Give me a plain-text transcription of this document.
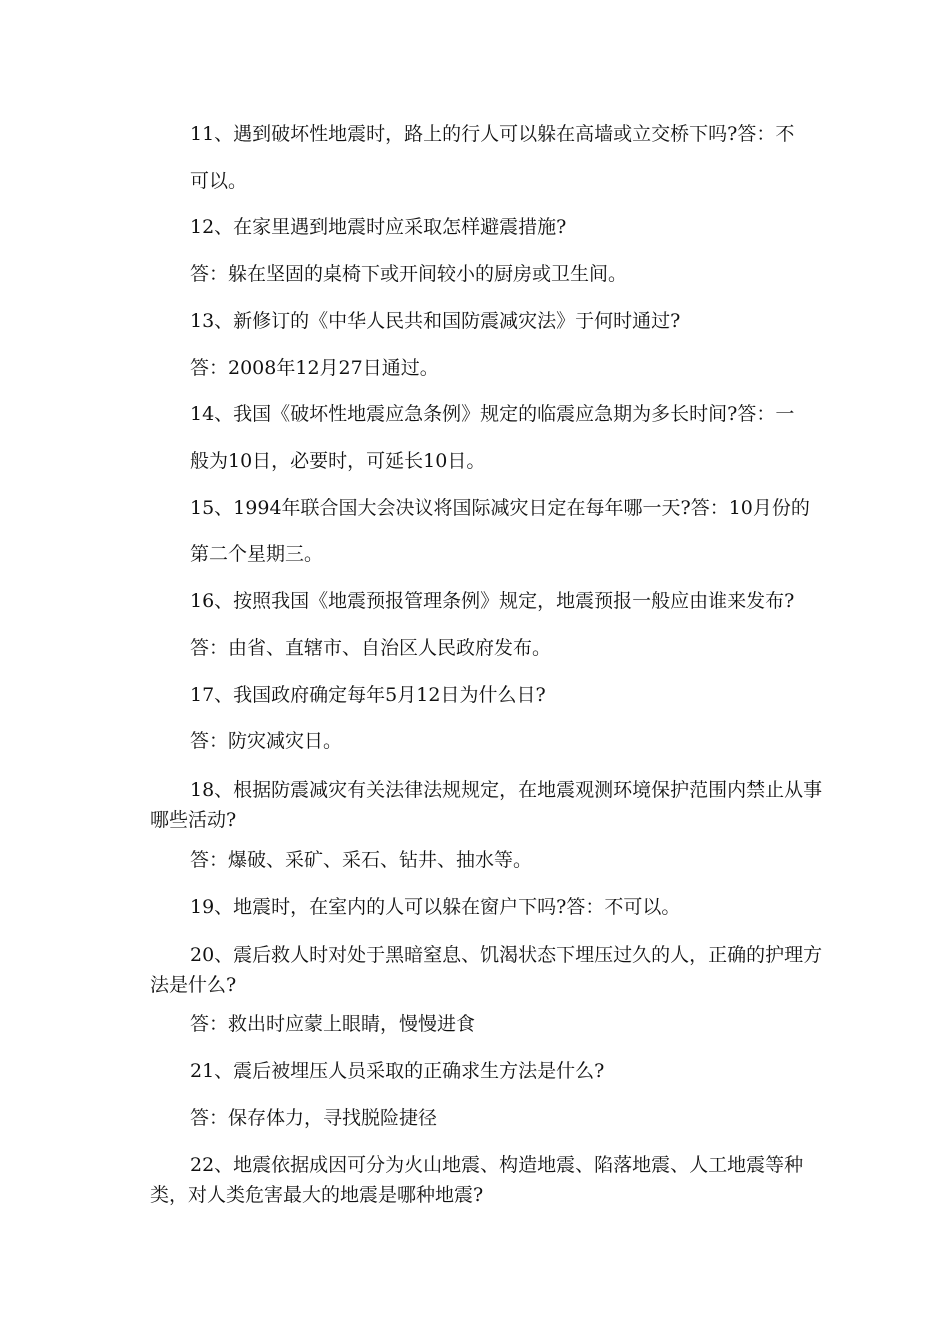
11、遇到破坏性地震时，路上的行人可以躲在高墙或立交桥下吗?答：不
可以。
12、在家里遇到地震时应采取怎样避震措施?
答：躲在坚固的桌椅下或开间较小的厨房或卫生间。
13、新修订的《中华人民共和国防震减灾法》于何时通过?
答：2008年12月27日通过。
14、我国《破坏性地震应急条例》规定的临震应急期为多长时间?答：一
般为10日，必要时，可延长10日。
15、1994年联合国大会决议将国际减灾日定在每年哪一天?答：10月份的
第二个星期三。
16、按照我国《地震预报管理条例》规定，地震预报一般应由谁来发布?
答：由省、直辖市、自治区人民政府发布。
17、我国政府确定每年5月12日为什么日?
答：防灾减灾日。
18、根据防震减灾有关法律法规规定，在地震观测环境保护范围内禁止从事哪些活动?
答：爆破、采矿、采石、钻井、抽水等。
19、地震时，在室内的人可以躲在窗户下吗?答：不可以。
20、震后救人时对处于黑暗窒息、饥渴状态下埋压过久的人，正确的护理方法是什么?
答：救出时应蒙上眼睛，慢慢进食
21、震后被埋压人员采取的正确求生方法是什么?
答：保存体力，寻找脱险捷径
22、地震依据成因可分为火山地震、构造地震、陷落地震、人工地震等种类，对人类危害最大的地震是哪种地震?
